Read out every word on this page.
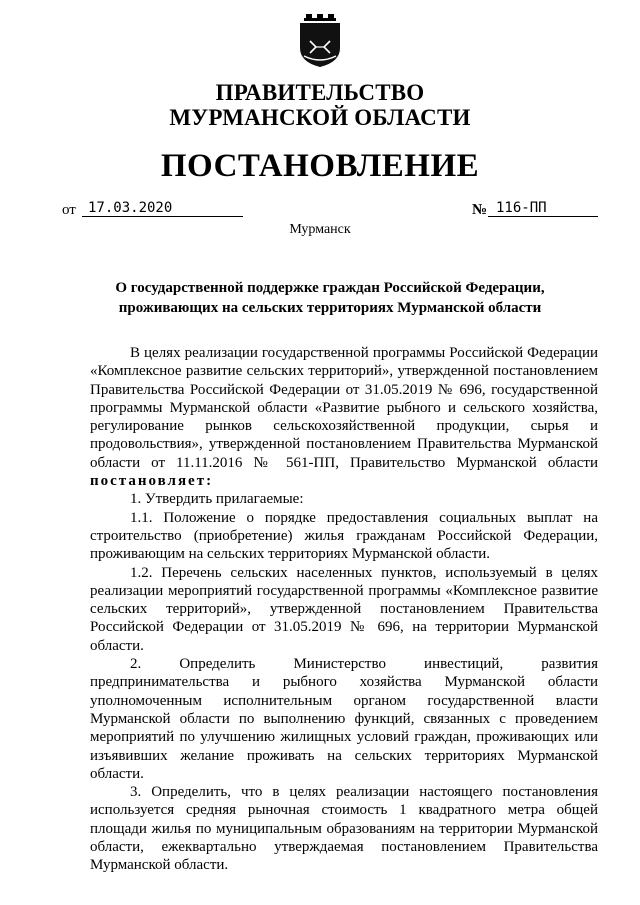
ПРАВИТЕЛЬСТВО
МУРМАНСКОЙ ОБЛАСТИ
ПОСТАНОВЛЕНИЕ
от 17.03.2020	№ 116-ПП
Мурманск
О государственной поддержке граждан Российской Федерации,
проживающих на сельских территориях Мурманской области

В целях реализации государственной программы Российской Федерации «Комплексное развитие сельских территорий», утвержденной постановлением Правительства Российской Федерации от 31.05.2019 № 696, государственной программы Мурманской области «Развитие рыбного и сельского хозяйства, регулирование рынков сельскохозяйственной продукции, сырья и продовольствия», утвержденной постановлением Правительства Мурманской области от 11.11.2016 № 561-ПП, Правительство Мурманской области постановляет:

1. Утвердить прилагаемые:

1.1. Положение о порядке предоставления социальных выплат на строительство (приобретение) жилья гражданам Российской Федерации, проживающим на сельских территориях Мурманской области.

1.2. Перечень сельских населенных пунктов, используемый в целях реализации мероприятий государственной программы «Комплексное развитие сельских территорий», утвержденной постановлением Правительства Российской Федерации от 31.05.2019 № 696, на территории Мурманской области.

2. Определить Министерство инвестиций, развития предпринимательства и рыбного хозяйства Мурманской области уполномоченным исполнительным органом государственной власти Мурманской области по выполнению функций, связанных с проведением мероприятий по улучшению жилищных условий граждан, проживающих или изъявивших желание проживать на сельских территориях Мурманской области.

3. Определить, что в целях реализации настоящего постановления используется средняя рыночная стоимость 1 квадратного метра общей площади жилья по муниципальным образованиям на территории Мурманской области, ежеквартально утверждаемая постановлением Правительства Мурманской области.
